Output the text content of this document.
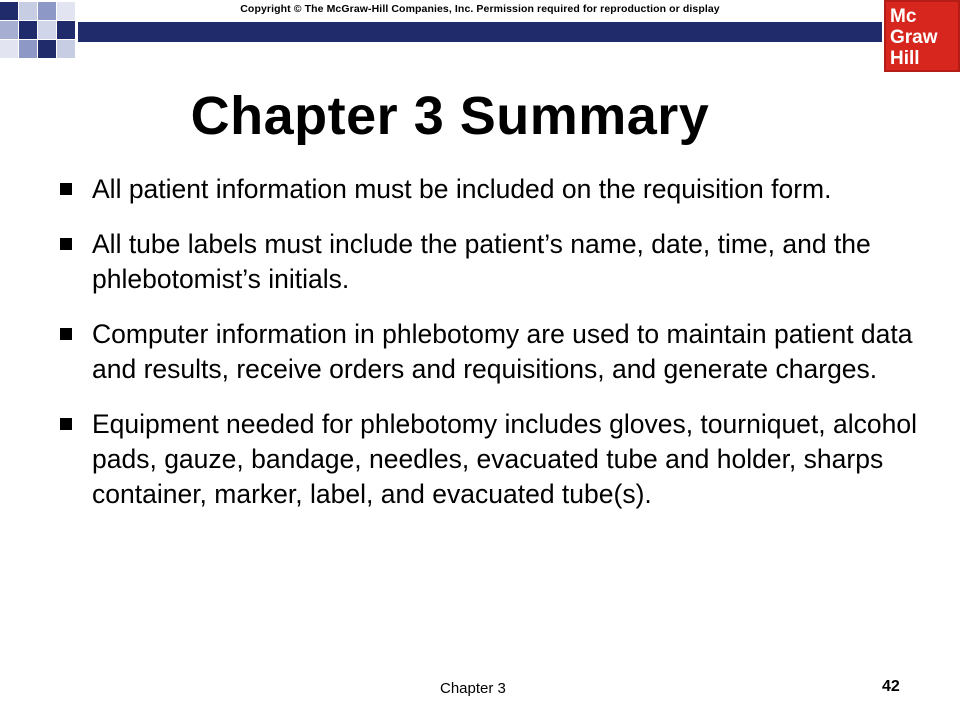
Copyright © The McGraw-Hill Companies, Inc. Permission required for reproduction or display	Mc
Graw
Hill
Chapter 3 Summary
All patient information must be included on the requisition form.
All tube labels must include the patient’s name, date, time, and the phlebotomist’s initials.
Computer information in phlebotomy are used to maintain patient data and results, receive orders and requisitions, and generate charges.
Equipment needed for phlebotomy includes gloves, tourniquet, alcohol pads, gauze, bandage, needles, evacuated tube and holder, sharps container, marker, label, and evacuated tube(s).
Chapter 3	42
